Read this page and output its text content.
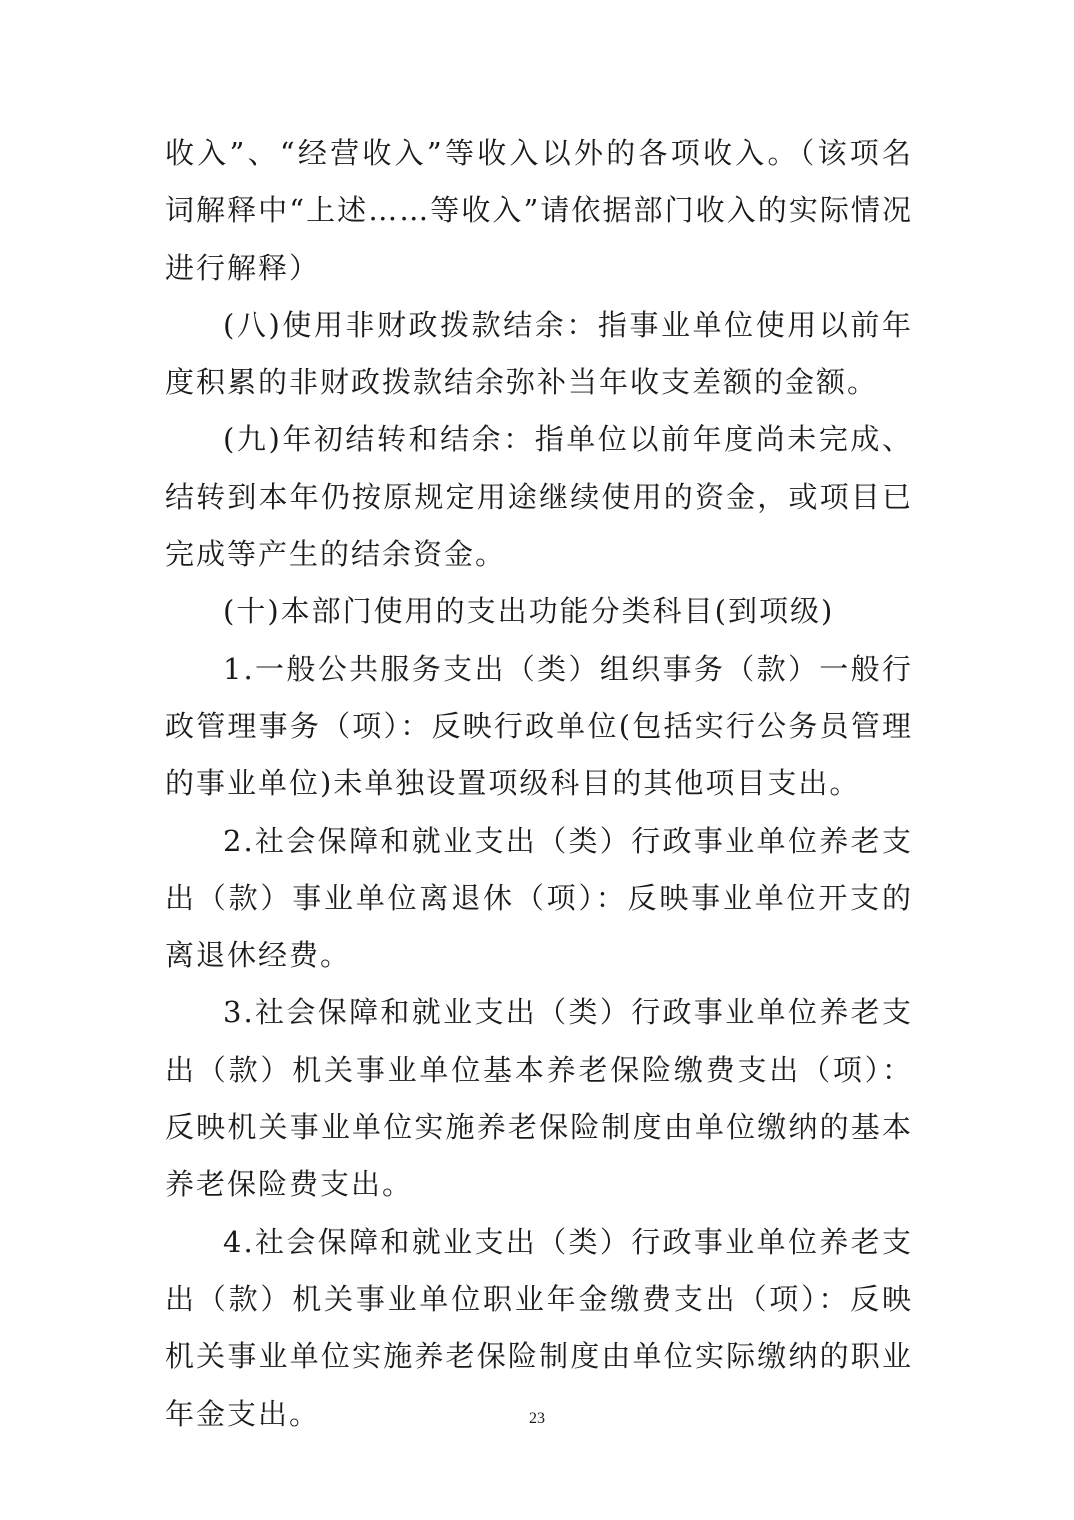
收入”、“经营收入”等收入以外的各项收入。（该项名词解释中“上述……等收入”请依据部门收入的实际情况进行解释）

(八)使用非财政拨款结余：指事业单位使用以前年度积累的非财政拨款结余弥补当年收支差额的金额。

(九)年初结转和结余：指单位以前年度尚未完成、结转到本年仍按原规定用途继续使用的资金，或项目已完成等产生的结余资金。

(十)本部门使用的支出功能分类科目(到项级)

1.一般公共服务支出（类）组织事务（款）一般行政管理事务（项）：反映行政单位(包括实行公务员管理的事业单位)未单独设置项级科目的其他项目支出。

2.社会保障和就业支出（类）行政事业单位养老支出（款）事业单位离退休（项）：反映事业单位开支的离退休经费。

3.社会保障和就业支出（类）行政事业单位养老支出（款）机关事业单位基本养老保险缴费支出（项）：反映机关事业单位实施养老保险制度由单位缴纳的基本养老保险费支出。

4.社会保障和就业支出（类）行政事业单位养老支出（款）机关事业单位职业年金缴费支出（项）：反映机关事业单位实施养老保险制度由单位实际缴纳的职业年金支出。	23
